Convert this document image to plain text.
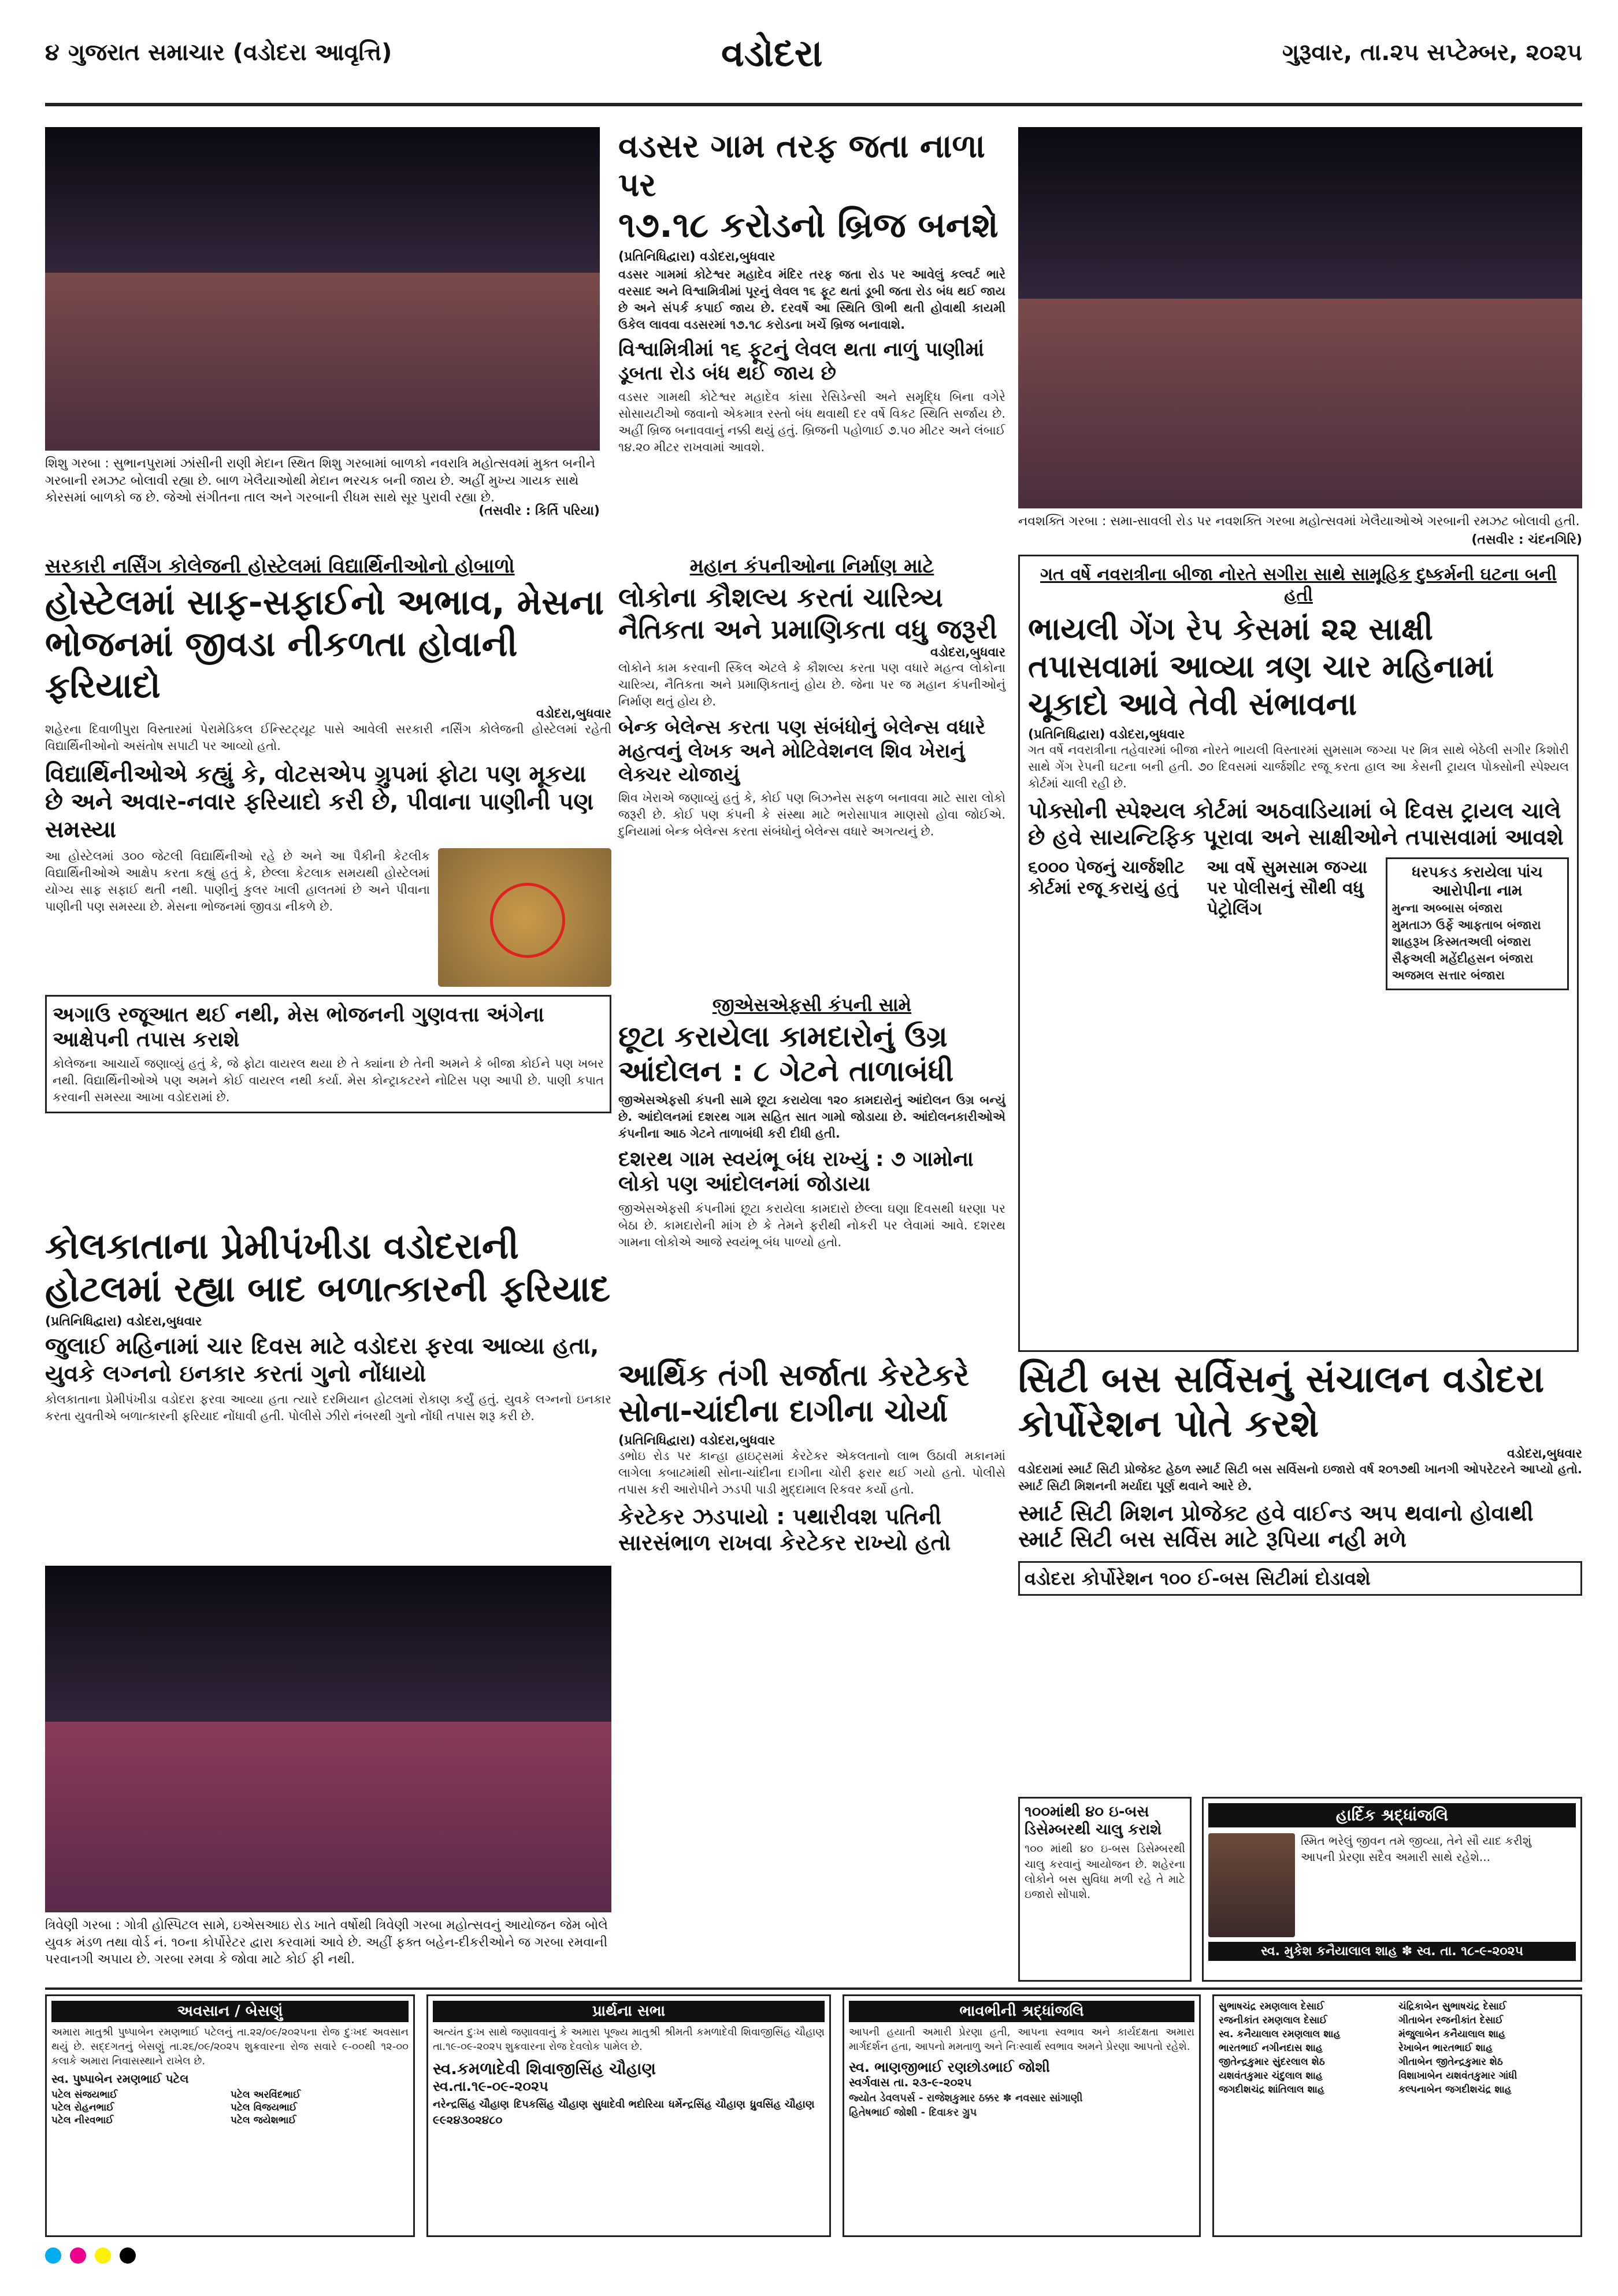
૪ ગુજરાત સમાચાર (વડોદરા આવૃત્તિ)	વડોદરા	ગુરૂવાર, તા.૨૫ સપ્ટેમ્બર, ૨૦૨૫
શિશુ ગરબા : સુભાનપુરામાં ઝાંસીની રાણી મેદાન સ્થિત શિશુ ગરબામાં બાળકો નવરાત્રિ મહોત્સવમાં મુક્ત બનીને ગરબાની રમઝટ બોલાવી રહ્યા છે. બાળ ખેલૈયાઓથી મેદાન ભરચક બની જાય છે. અહીં મુખ્ય ગાયક સાથે કોરસમાં બાળકો જ છે. જેઓ સંગીતના તાલ અને ગરબાની રીધમ સાથે સૂર પુરાવી રહ્યા છે.
(તસવીર : કિર્તિ પરિયા)
વડસર ગામ તરફ જતા નાળા પર
૧૭.૧૮ કરોડનો બ્રિજ બનશે
(પ્રતિનિધિદ્વારા) વડોદરા,બુધવાર
વડસર ગામમાં કોટેશ્વર મહાદેવ મંદિર તરફ જતા રોડ પર આવેલું કલ્વર્ટ ભારે વરસાદ અને વિશ્વામિત્રીમાં પૂરનું લેવલ ૧૬ ફૂટ થતાં ડૂબી જતા રોડ બંધ થઈ જાય છે અને સંપર્ક કપાઈ જાય છે. દરવર્ષે આ સ્થિતિ ઊભી થતી હોવાથી કાયમી ઉકેલ લાવવા વડસરમાં ૧૭.૧૮ કરોડના ખર્ચે બ્રિજ બનાવાશે.
વિશ્વામિત્રીમાં ૧૬ ફૂટનું લેવલ થતા નાળું પાણીમાં ડૂબતા રોડ બંધ થઈ જાય છે
વડસર ગામથી કોટેશ્વર મહાદેવ કાંસા રેસિડેન્સી અને સમૃદ્ધિ બિના વગેરે સોસાયટીઓ જવાનો એકમાત્ર રસ્તો બંધ થવાથી દર વર્ષે વિકટ સ્થિતિ સર્જાય છે. અહીં બ્રિજ બનાવવાનું નક્કી થયું હતું. બ્રિજની પહોળાઈ ૭.૫૦ મીટર અને લંબાઈ ૧૪.૨૦ મીટર રાખવામાં આવશે.
નવશક્તિ ગરબા : સમા-સાવલી રોડ પર નવશક્તિ ગરબા મહોત્સવમાં ખેલૈયાઓએ ગરબાની રમઝટ બોલાવી હતી.
(તસવીર : ચંદનગિરિ)
સરકારી નર્સિંગ કોલેજની હોસ્ટેલમાં વિદ્યાર્થિનીઓનો હોબાળો
હોસ્ટેલમાં સાફ-સફાઈનો અભાવ, મેસના ભોજનમાં જીવડા નીકળતા હોવાની ફરિયાદો
વડોદરા,બુધવાર
શહેરના દિવાળીપુરા વિસ્તારમાં પેરામેડિકલ ઈન્સ્ટિટ્યૂટ પાસે આવેલી સરકારી નર્સિંગ કોલેજની હોસ્ટેલમાં રહેતી વિદ્યાર્થિનીઓનો અસંતોષ સપાટી પર આવ્યો હતો.
વિદ્યાર્થિનીઓએ કહ્યું કે, વોટસએપ ગ્રુપમાં ફોટા પણ મૂકયા છે અને અવાર-નવાર ફરિયાદો કરી છે, પીવાના પાણીની પણ સમસ્યા
આ હોસ્ટેલમાં ૩૦૦ જેટલી વિદ્યાર્થિનીઓ રહે છે અને આ પૈકીની કેટલીક વિદ્યાર્થિનીઓએ આક્ષેપ કરતા કહ્યું હતું કે, છેલ્લા કેટલાક સમયથી હોસ્ટેલમાં યોગ્ય સાફ સફાઈ થતી નથી. પાણીનું કુલર ખાલી હાલતમાં છે અને પીવાના પાણીની પણ સમસ્યા છે. મેસના ભોજનમાં જીવડા નીકળે છે.
અગાઉ રજૂઆત થઈ નથી, મેસ ભોજનની ગુણવત્તા અંગેના આક્ષેપની તપાસ કરાશે
કોલેજના આચાર્યે જણાવ્યું હતું કે, જે ફોટા વાયરલ થયા છે તે ક્યાંના છે તેની અમને કે બીજા કોઈને પણ ખબર નથી. વિદ્યાર્થિનીઓએ પણ અમને કોઈ વાયરલ નથી કર્યા. મેસ કોન્ટ્રાકટરને નોટિસ પણ આપી છે. પાણી કપાત કરવાની સમસ્યા આખા વડોદરામાં છે.
મહાન કંપનીઓના નિર્માણ માટે
લોકોના કૌશલ્ય કરતાં ચારિત્ર્ય નૈતિકતા અને પ્રમાણિકતા વધુ જરૂરી
વડોદરા,બુધવાર
લોકોને કામ કરવાની સ્કિલ એટલે કે કૌશલ્ય કરતા પણ વધારે મહત્વ લોકોના ચારિત્ર્ય, નૈતિકતા અને પ્રમાણિકતાનું હોય છે. જેના પર જ મહાન કંપનીઓનું નિર્માણ થતું હોય છે.
બેન્ક બેલેન્સ કરતા પણ સંબંધોનું બેલેન્સ વધારે મહત્વનું લેખક અને મોટિવેશનલ શિવ ખેરાનું લેક્ચર યોજાયું
શિવ ખેરાએ જણાવ્યું હતું કે, કોઈ પણ બિઝનેસ સફળ બનાવવા માટે સારા લોકો જરૂરી છે. કોઈ પણ કંપની કે સંસ્થા માટે ભરોસાપાત્ર માણસો હોવા જોઈએ. દુનિયામાં બેન્ક બેલેન્સ કરતા સંબંધોનું બેલેન્સ વધારે અગત્યનું છે.
જીએસએફસી કંપની સામે
છૂટા કરાયેલા કામદારોનું ઉગ્ર આંદોલન : ૮ ગેટને તાળાબંધી
જીએસએફસી કંપની સામે છૂટા કરાયેલા ૧૨૦ કામદારોનું આંદોલન ઉગ્ર બન્યું છે. આંદોલનમાં દશરથ ગામ સહિત સાત ગામો જોડાયા છે. આંદોલનકારીઓએ કંપનીના આઠ ગેટને તાળાબંધી કરી દીધી હતી.
દશરથ ગામ સ્વયંભૂ બંધ રાખ્યું : ૭ ગામોના લોકો પણ આંદોલનમાં જોડાયા
જીએસએફસી કંપનીમાં છૂટા કરાયેલા કામદારો છેલ્લા ઘણા દિવસથી ધરણા પર બેઠા છે. કામદારોની માંગ છે કે તેમને ફરીથી નોકરી પર લેવામાં આવે. દશરથ ગામના લોકોએ આજે સ્વયંભૂ બંધ પાળ્યો હતો.
ગત વર્ષે નવરાત્રીના બીજા નોરતે સગીરા સાથે સામૂહિક દુષ્કર્મની ઘટના બની હતી
ભાયલી ગેંગ રેપ કેસમાં ૨૨ સાક્ષી તપાસવામાં આવ્યા ત્રણ ચાર મહિનામાં ચૂકાદો આવે તેવી સંભાવના
(પ્રતિનિધિદ્વારા) વડોદરા,બુધવાર
ગત વર્ષે નવરાત્રીના તહેવારમાં બીજા નોરતે ભાયલી વિસ્તારમાં સુમસામ જગ્યા પર મિત્ર સાથે બેઠેલી સગીર કિશોરી સાથે ગેંગ રેપની ઘટના બની હતી. ૭૦ દિવસમાં ચાર્જશીટ રજૂ કરતા હાલ આ કેસની ટ્રાયલ પોક્સોની સ્પેશ્યલ કોર્ટમાં ચાલી રહી છે.
પોક્સોની સ્પેશ્યલ કોર્ટમાં અઠવાડિયામાં બે દિવસ ટ્રાયલ ચાલે છે હવે સાયન્ટિફિક પૂરાવા અને સાક્ષીઓને તપાસવામાં આવશે
૬૦૦૦ પેજનું ચાર્જશીટ કોર્ટમાં રજૂ કરાયું હતું
આ વર્ષે સુમસામ જગ્યા પર પોલીસનું સૌથી વધુ પેટ્રોલિંગ
ધરપકડ કરાયેલા પાંચ આરોપીના નામ
મુન્ના અબ્બાસ બંજારા
મુમતાઝ ઉર્ફે આફતાબ બંજારા
શાહરૂખ કિસ્મતઅલી બંજારા
સૈફઅલી મહેંદીહસન બંજારા
અજમલ સત્તાર બંજારા
કોલકાતાના પ્રેમીપંખીડા વડોદરાની હોટલમાં રહ્યા બાદ બળાત્કારની ફરિયાદ
(પ્રતિનિધિદ્વારા) વડોદરા,બુધવાર
જુલાઈ મહિનામાં ચાર દિવસ માટે વડોદરા ફરવા આવ્યા હતા, યુવકે લગ્નનો ઇનકાર કરતાં ગુનો નોંધાયો
કોલકાતાના પ્રેમીપંખીડા વડોદરા ફરવા આવ્યા હતા ત્યારે દરમિયાન હોટલમાં રોકાણ કર્યું હતું. યુવકે લગ્નનો ઇનકાર કરતા યુવતીએ બળાત્કારની ફરિયાદ નોંધાવી હતી. પોલીસે ઝીરો નંબરથી ગુનો નોંધી તપાસ શરૂ કરી છે.
ત્રિવેણી ગરબા : ગોત્રી હોસ્પિટલ સામે, ઇએસઆઇ રોડ ખાતે વર્ષોથી ત્રિવેણી ગરબા મહોત્સવનું આયોજન જેમ બોલે યુવક મંડળ તથા વોર્ડ નં. ૧૦ના કોર્પોરેટર દ્વારા કરવામાં આવે છે. અહીં ફક્ત બહેન-દીકરીઓને જ ગરબા રમવાની પરવાનગી અપાય છે. ગરબા રમવા કે જોવા માટે કોઈ ફી નથી.
સિટી બસ સર્વિસનું સંચાલન વડોદરા કોર્પોરેશન પોતે કરશે
વડોદરા,બુધવાર
વડોદરામાં સ્માર્ટ સિટી પ્રોજેક્ટ હેઠળ સ્માર્ટ સિટી બસ સર્વિસનો ઇજારો વર્ષ ૨૦૧૭થી ખાનગી ઓપરેટરને આપ્યો હતો. સ્માર્ટ સિટી મિશનની મર્યાદા પૂર્ણ થવાને આરે છે.
સ્માર્ટ સિટી મિશન પ્રોજેક્ટ હવે વાઈન્ડ અપ થવાનો હોવાથી સ્માર્ટ સિટી બસ સર્વિસ માટે રૂપિયા નહી મળે
વડોદરા કોર્પોરેશન ૧૦૦ ઈ-બસ સિટીમાં દોડાવશે
૧૦૦માંથી ૪૦ ઇ-બસ ડિસેમ્બરથી ચાલુ કરાશે
૧૦૦ માંથી ૪૦ ઇ-બસ ડિસેમ્બરથી ચાલુ કરવાનું આયોજન છે. શહેરના લોકોને બસ સુવિધા મળી રહે તે માટે ઇજારો સોંપાશે.
આર્થિક તંગી સર્જાતા કેરટેકરે સોના-ચાંદીના દાગીના ચોર્યા
(પ્રતિનિધિદ્વારા) વડોદરા,બુધવાર
ડભોઇ રોડ પર કાન્હા હાઇટ્સમાં કેરટેકર એકલતાનો લાભ ઉઠાવી મકાનમાં લાગેલા કબાટમાંથી સોના-ચાંદીના દાગીના ચોરી ફરાર થઈ ગયો હતો. પોલીસે તપાસ કરી આરોપીને ઝડપી પાડી મુદ્દામાલ રિકવર કર્યો હતો.
કેરટેકર ઝડપાયો : પથારીવશ પતિની સારસંભાળ રાખવા કેરટેકર રાખ્યો હતો
હાર્દિક શ્રદ્ધાંજલિ
સ્મિત ભરેલું જીવન તમે જીવ્યા, તેને સૌ યાદ કરીશું
આપની પ્રેરણા સદૈવ અમારી સાથે રહેશે...
સ્વ. મુકેશ કનૈયાલાલ શાહ ✽ સ્વ. તા. ૧૮-૯-૨૦૨૫
અવસાન / બેસણું
અમારા માતુશ્રી પુષ્પાબેન રમણભાઈ પટેલનું તા.૨૨/૦૯/૨૦૨૫ના રોજ દુઃખદ અવસાન થયું છે. સદ્દગતનું બેસણું તા.૨૬/૦૯/૨૦૨૫ શુક્રવારના રોજ સવારે ૯-૦૦થી ૧૨-૦૦ કલાકે અમારા નિવાસસ્થાને રાખેલ છે.
સ્વ. પુષ્પાબેન રમણભાઈ પટેલ
પટેલ સંજયભાઈ	પટેલ અરવિંદભાઈ
પટેલ રોહનભાઈ	પટેલ વિજયભાઈ
પટેલ નીરવભાઈ	પટેલ જયેશભાઈ
પ્રાર્થના સભા
અત્યંત દુઃખ સાથે જણાવવાનું કે અમારા પૂજ્ય માતુશ્રી શ્રીમતી કમળાદેવી શિવાજીસિંહ ચૌહાણ તા.૧૯-૦૯-૨૦૨૫ શુક્રવારના રોજ દેવલોક પામેલ છે.
સ્વ.કમળાદેવી શિવાજીસિંહ ચૌહાણ
સ્વ.તા.૧૯-૦૯-૨૦૨૫
નરેન્દ્રસિંહ ચૌહાણ દિપકસિંહ ચૌહાણ સુધાદેવી ભદોરિયા ધર્મેન્દ્રસિંહ ચૌહાણ ધ્રુવસિંહ ચૌહાણ
૯૯૨૪૩૦૨૪૮૦
ભાવભીની શ્રદ્ધાંજલિ
આપની હયાતી અમારી પ્રેરણા હતી, આપના સ્વભાવ અને કાર્યદક્ષતા અમારા માર્ગદર્શન હતા, આપનો મમતાળુ અને નિઃસ્વાર્થ સ્વભાવ અમને પ્રેરણા આપતો રહેશે.
સ્વ. ભાણજીભાઈ રણછોડભાઈ જોશી
સ્વર્ગવાસ તા. ૨૩-૯-૨૦૨૫
જ્યોત ડેવલપર્સ - રાજેશકુમાર ઠક્કર ✽ નવસાર સાંગાણી
હિતેષભાઈ જોશી - દિવાકર ગ્રુપ
સુભાષચંદ્ર રમણલાલ દેસાઈ	ચંદ્રિકાબેન સુભાષચંદ્ર દેસાઈ
રજનીકાંત રમણલાલ દેસાઈ	ગીતાબેન રજનીકાંત દેસાઈ
સ્વ. કનૈયાલાલ રમણલાલ શાહ	મંજુલાબેન કનૈયાલાલ શાહ
ભારતભાઈ નગીનદાસ શાહ	રેખાબેન ભારતભાઈ શાહ
જીતેન્દ્રકુમાર સુંદરલાલ શેઠ	ગીતાબેન જીતેન્દ્રકુમાર શેઠ
યશવંતકુમાર ચંદુલાલ શાહ	વિશાખાબેન યશવંતકુમાર ગાંધી
જગદીશચંદ્ર શાંતિલાલ શાહ	કલ્પનાબેન જગદીશચંદ્ર શાહ
